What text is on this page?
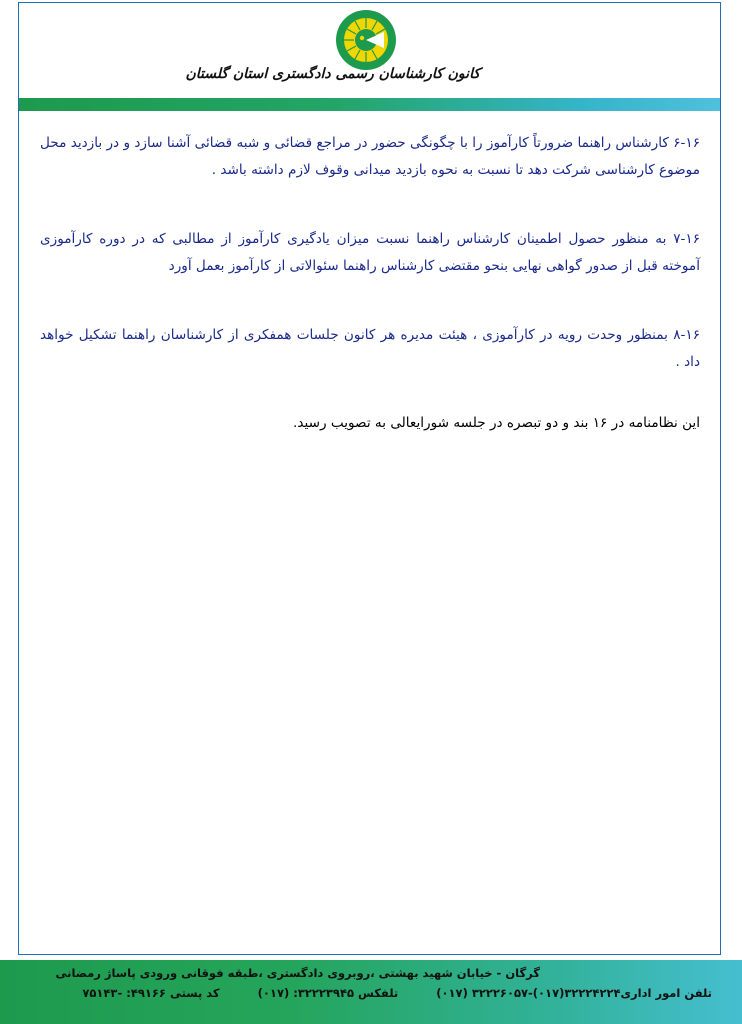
کانون کارشناسان رسمی دادگستری استان گلستان

۶-۱۶ کارشناس راهنما ضرورتاً کارآموز را با چگونگی حضور در مراجع قضائی و شبه قضائی آشنا سازد و در بازدید محل موضوع کارشناسی شرکت دهد تا نسبت به نحوه بازدید میدانی وقوف لازم داشته باشد .

۷-۱۶ به منظور حصول اطمینان کارشناس راهنما نسبت میزان یادگیری کارآموز از مطالبی که در دوره کارآموزی آموخته قبل از صدور گواهی نهایی بنحو مقتضی کارشناس راهنما سئوالاتی از کارآموز بعمل آورد

۸-۱۶ بمنظور وحدت رویه در کارآموزی ، هیئت مدیره هر کانون جلسات همفکری از کارشناسان راهنما تشکیل خواهد داد .

این نظامنامه در ۱۶ بند و دو تبصره در جلسه شورایعالی به تصویب رسید.

گرگان - خیابان شهید بهشتی ،روبروی دادگستری ،طبقه فوقانی ورودی پاساژ رمضانی
تلفن امور اداری۳۲۲۲۴۲۲۴(۰۱۷)-۳۲۲۲۶۰۵۷ (۰۱۷) تلفکس ۳۲۲۲۳۹۴۵: (۰۱۷) کد پستی ۴۹۱۶۶: -۷۵۱۴۳
